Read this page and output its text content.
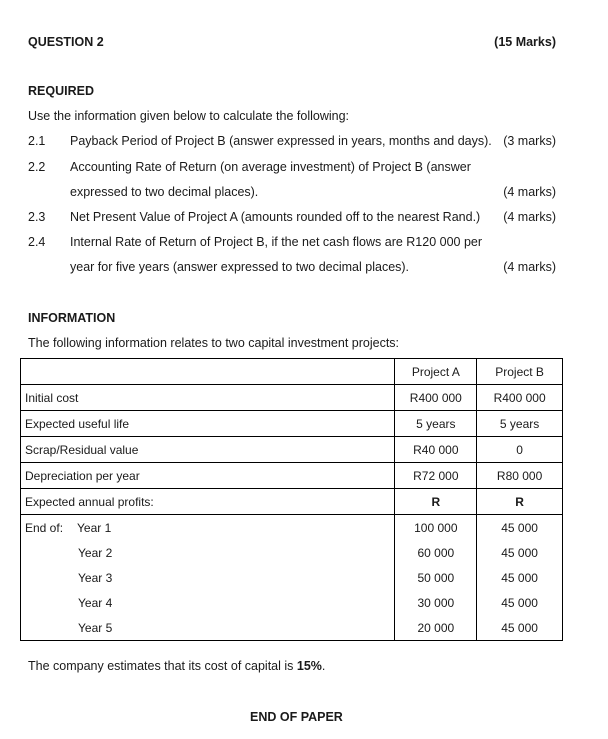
QUESTION 2	(15 Marks)
REQUIRED
Use the information given below to calculate the following:
2.1 Payback Period of Project B (answer expressed in years, months and days). (3 marks)
2.2 Accounting Rate of Return (on average investment) of Project B (answer
expressed to two decimal places).	(4 marks)
2.3 Net Present Value of Project A (amounts rounded off to the nearest Rand.) (4 marks)
2.4 Internal Rate of Return of Project B, if the net cash flows are R120 000 per
year for five years (answer expressed to two decimal places).	(4 marks)
INFORMATION
The following information relates to two capital investment projects:
	Project A	Project B
Initial cost	R400 000	R400 000
Expected useful life	5 years	5 years
Scrap/Residual value	R40 000	0
Depreciation per year	R72 000	R80 000
Expected annual profits:	R	R
End of: Year 1	100 000	45 000
Year 2	60 000	45 000
Year 3	50 000	45 000
Year 4	30 000	45 000
Year 5	20 000	45 000
The company estimates that its cost of capital is 15%.
END OF PAPER
